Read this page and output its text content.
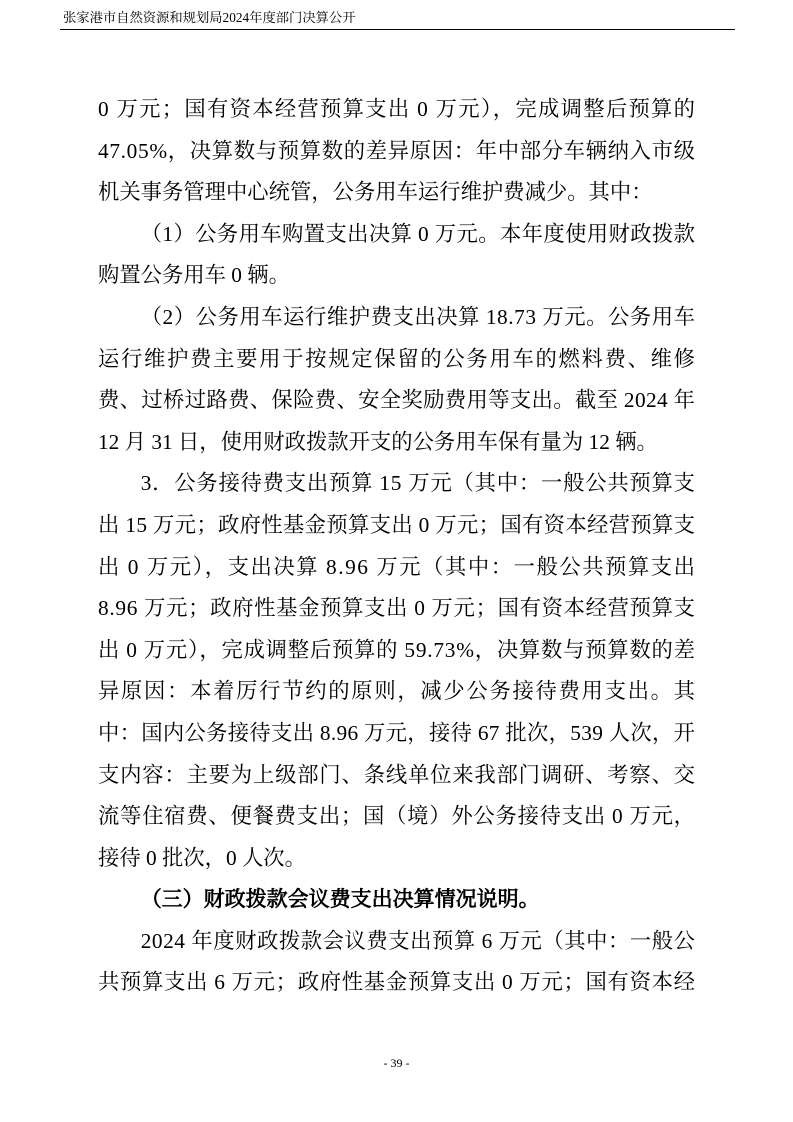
张家港市自然资源和规划局2024年度部门决算公开
0 万元；国有资本经营预算支出 0 万元），完成调整后预算的
47.05%，决算数与预算数的差异原因：年中部分车辆纳入市级
机关事务管理中心统管，公务用车运行维护费减少。其中：
（1）公务用车购置支出决算 0 万元。本年度使用财政拨款
购置公务用车 0 辆。
（2）公务用车运行维护费支出决算 18.73 万元。公务用车
运行维护费主要用于按规定保留的公务用车的燃料费、维修
费、过桥过路费、保险费、安全奖励费用等支出。截至 2024 年
12 月 31 日，使用财政拨款开支的公务用车保有量为 12 辆。
3．公务接待费支出预算 15 万元（其中：一般公共预算支
出 15 万元；政府性基金预算支出 0 万元；国有资本经营预算支
出 0 万元），支出决算 8.96 万元（其中：一般公共预算支出
8.96 万元；政府性基金预算支出 0 万元；国有资本经营预算支
出 0 万元），完成调整后预算的 59.73%，决算数与预算数的差
异原因：本着厉行节约的原则，减少公务接待费用支出。其
中：国内公务接待支出 8.96 万元，接待 67 批次，539 人次，开
支内容：主要为上级部门、条线单位来我部门调研、考察、交
流等住宿费、便餐费支出；国（境）外公务接待支出 0 万元，
接待 0 批次，0 人次。
（三）财政拨款会议费支出决算情况说明。
2024 年度财政拨款会议费支出预算 6 万元（其中：一般公
共预算支出 6 万元；政府性基金预算支出 0 万元；国有资本经
- 39 -
